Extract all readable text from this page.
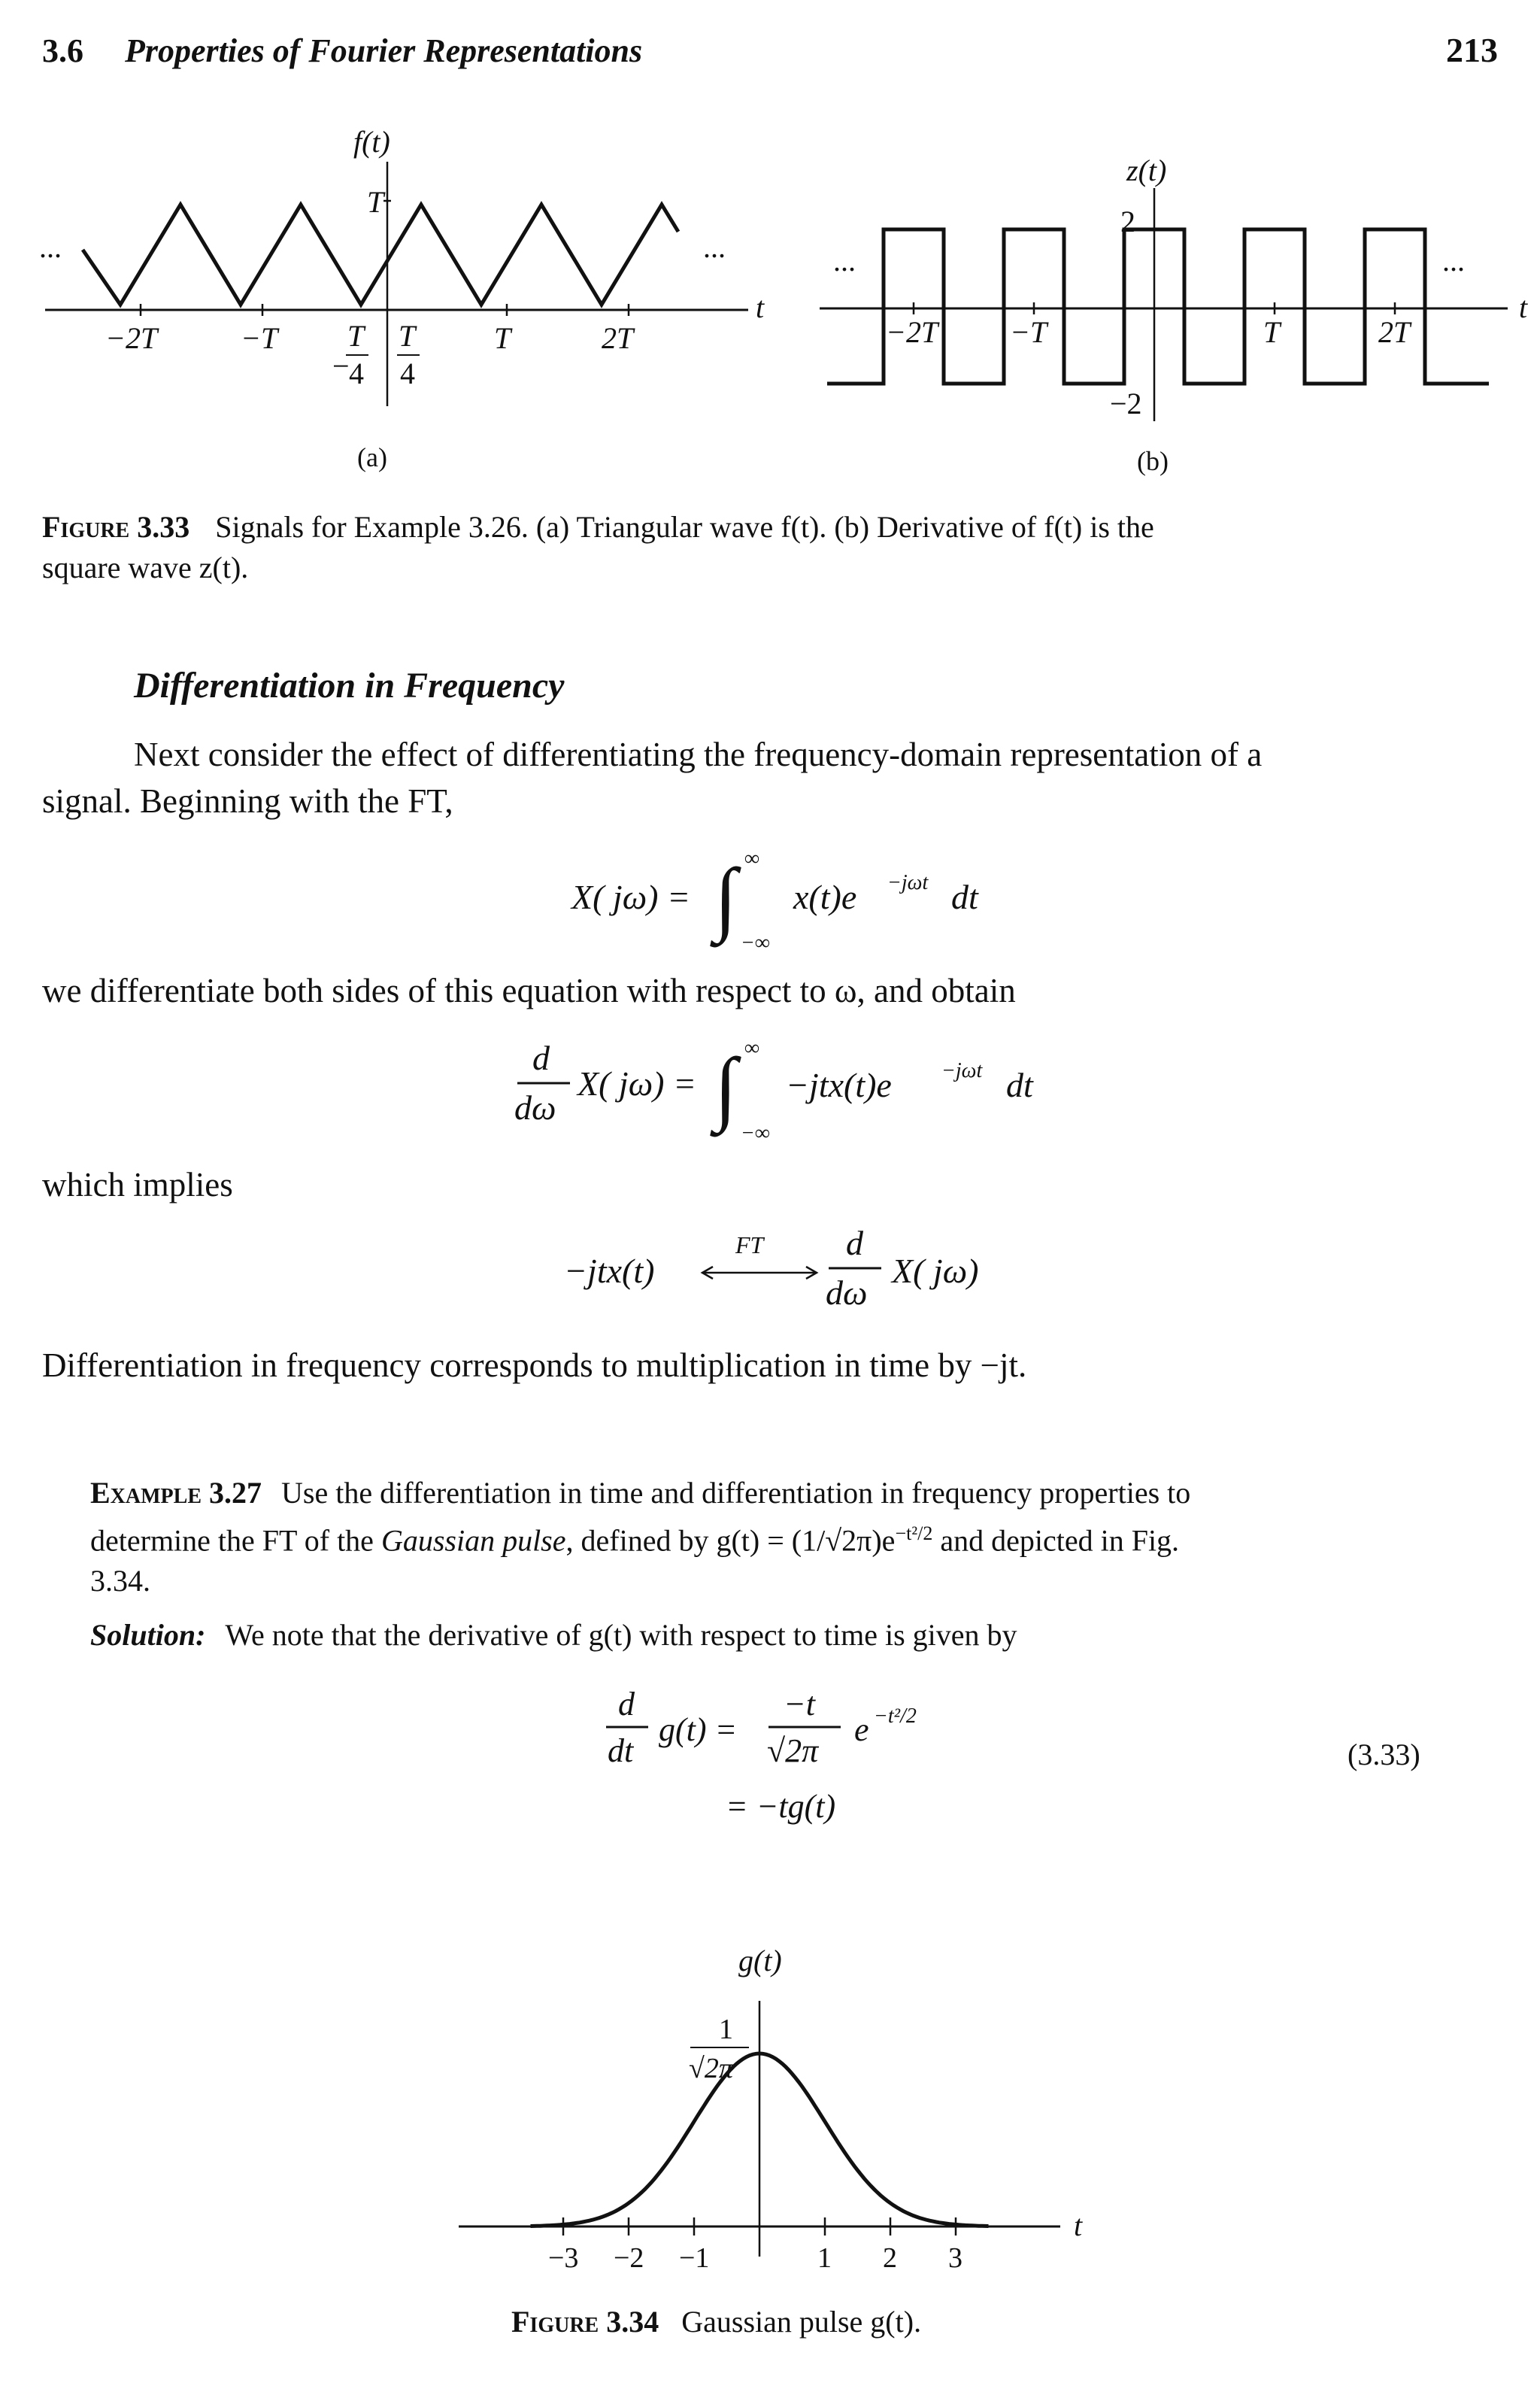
3.6 Properties of Fourier Representations	213
f(t)
t
T
...	...
−2T	−T
−
T
4
T
4
T	2T
(a)
z(t)
t
2
−2
...	...
−2T −T	T	2T
(b)
Figure 3.33 Signals for Example 3.26. (a) Triangular wave f(t). (b) Derivative of f(t) is the
square wave z(t).
Differentiation in Frequency
Next consider the effect of differentiating the frequency-domain representation of a
signal. Beginning with the FT,
X( jω) = ∫ ∞
−∞
x(t)e −jωt dt
we differentiate both sides of this equation with respect to ω, and obtain
d
dω
X( jω) = ∫ ∞
−∞
−jtx(t)e −jωt dt
which implies
−jtx(t)
FT d
dω
X( jω)
Differentiation in frequency corresponds to multiplication in time by −jt.
Example 3.27 Use the differentiation in time and differentiation in frequency properties to
determine the FT of the Gaussian pulse, defined by $g(t) = (1/√2\pi)e^{-t^2/2}$ and depicted in Fig.
3.34.
Solution: We note that the derivative of g(t) with respect to time is given by
d
dt
g(t) =
−t
√2π
e −t²/2
= −tg(t)
(3.33)
g(t)
t
1
√2π
−3 −2 −1	1 2 3
Figure 3.34 Gaussian pulse g(t).
